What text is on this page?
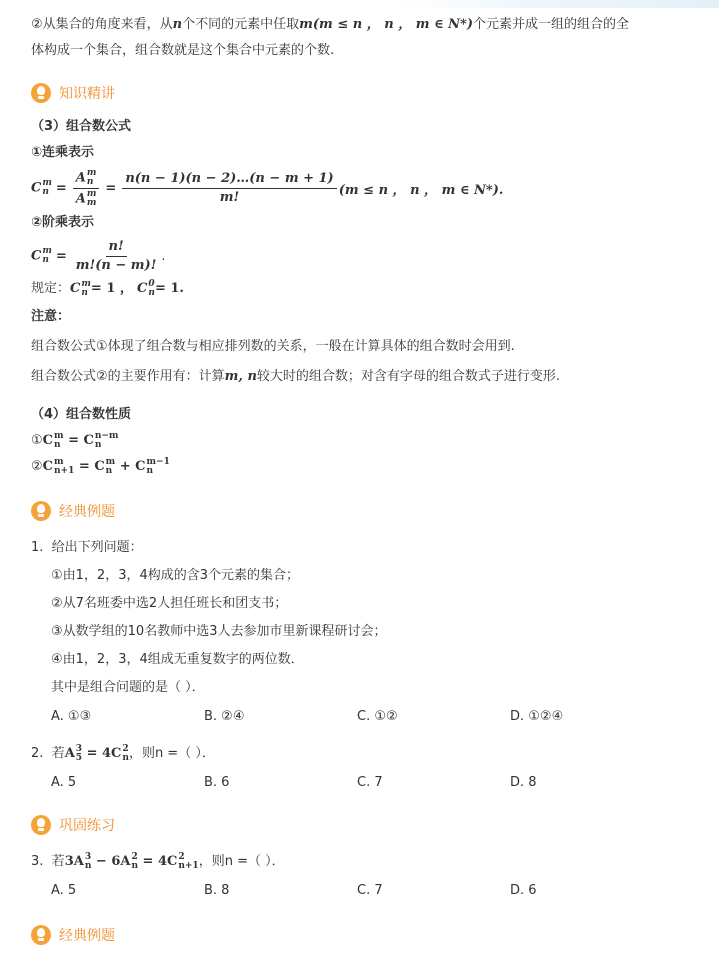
②从集合的角度来看，从n个不同的元素中任取m(m ≤ n ， n ， m ∈ N*)个元素并成一组的组合的全
体构成一个集合，组合数就是这个集合中元素的个数.
知识精讲
（3）组合数公式
①连乘表示
C m
n = A m
n
A m
$m = \frac{n(n - 1)(n - 2)\dots(n - m + 1)}{m!} (m \le n$ ， n ， m ∈ N*).
②阶乘表示
C m
$n = \frac{n!}{m!(n - m)!}$ .
规定：C m
n = 1 ， C 0
n = 1.
注意：
组合数公式①体现了组合数与相应排列数的关系，一般在计算具体的组合数时会用到.
组合数公式②的主要作用有：计算m, n较大时的组合数；对含有字母的组合数式子进行变形.
（4）组合数性质
①C m
n = C n−m
n
②C m
n+1 = C m
n + C m−1
n
经典例题
1. 给出下列问题：
①由1，2，3，4构成的含3个元素的集合；
②从7名班委中选2人担任班长和团支书；
③从数学组的10名教师中选3人去参加市里新课程研讨会；
④由1，2，3，4组成无重复数字的两位数．
其中是组合问题的是（ ）．
A. ①③	B. ②④	C. ①②	D. ①②④
2. 若A 3
5 = 4C 2
n ，则n =（ ）．
A. 5	B. 6	C. 7	D. 8
巩固练习
3. 若3A 3
n − 6A 2
n = 4C 2
n+1 ，则n =（ ）．
A. 5	B. 8	C. 7	D. 6
经典例题
